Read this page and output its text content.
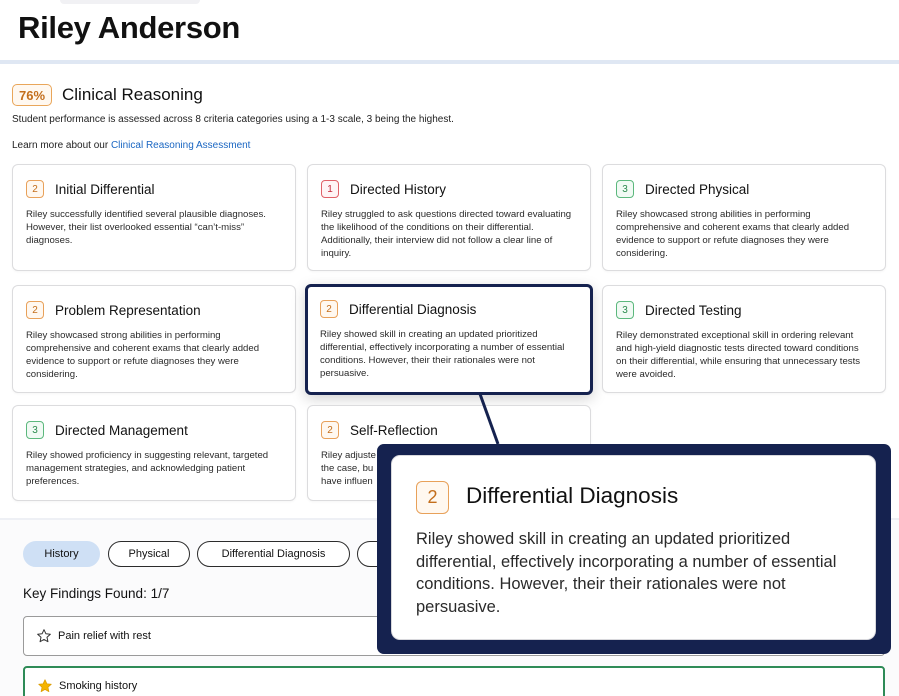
Riley Anderson
76% Clinical Reasoning
Student performance is assessed across 8 criteria categories using a 1-3 scale, 3 being the highest.
Learn more about our Clinical Reasoning Assessment
2	Initial Differential
Riley successfully identified several plausible diagnoses. However, their list overlooked essential “can’t-miss” diagnoses.
1	Directed History
Riley struggled to ask questions directed toward evaluating the likelihood of the conditions on their differential. Additionally, their interview did not follow a clear line of inquiry.
3	Directed Physical
Riley showcased strong abilities in performing comprehensive and coherent exams that clearly added evidence to support or refute diagnoses they were considering.
2	Problem Representation
Riley showcased strong abilities in performing comprehensive and coherent exams that clearly added evidence to support or refute diagnoses they were considering.
2	Differential Diagnosis
Riley showed skill in creating an updated prioritized differential, effectively incorporating a number of essential conditions. However, their their rationales were not persuasive.
3	Directed Testing
Riley demonstrated exceptional skill in ordering relevant and high-yield diagnostic tests directed toward conditions on their differential, while ensuring that unnecessary tests were avoided.
3	Directed Management
Riley showed proficiency in suggesting relevant, targeted management strategies, and acknowledging patient preferences.
2	Self-Reflection
Riley adjuste the case, bu have influen
History	Physical	Differential Diagnosis
Key Findings Found: 1/7
Pain relief with rest
Smoking history
2	Differential Diagnosis
Riley showed skill in creating an updated prioritized differential, effectively incorporating a number of essential conditions. However, their their rationales were not persuasive.
